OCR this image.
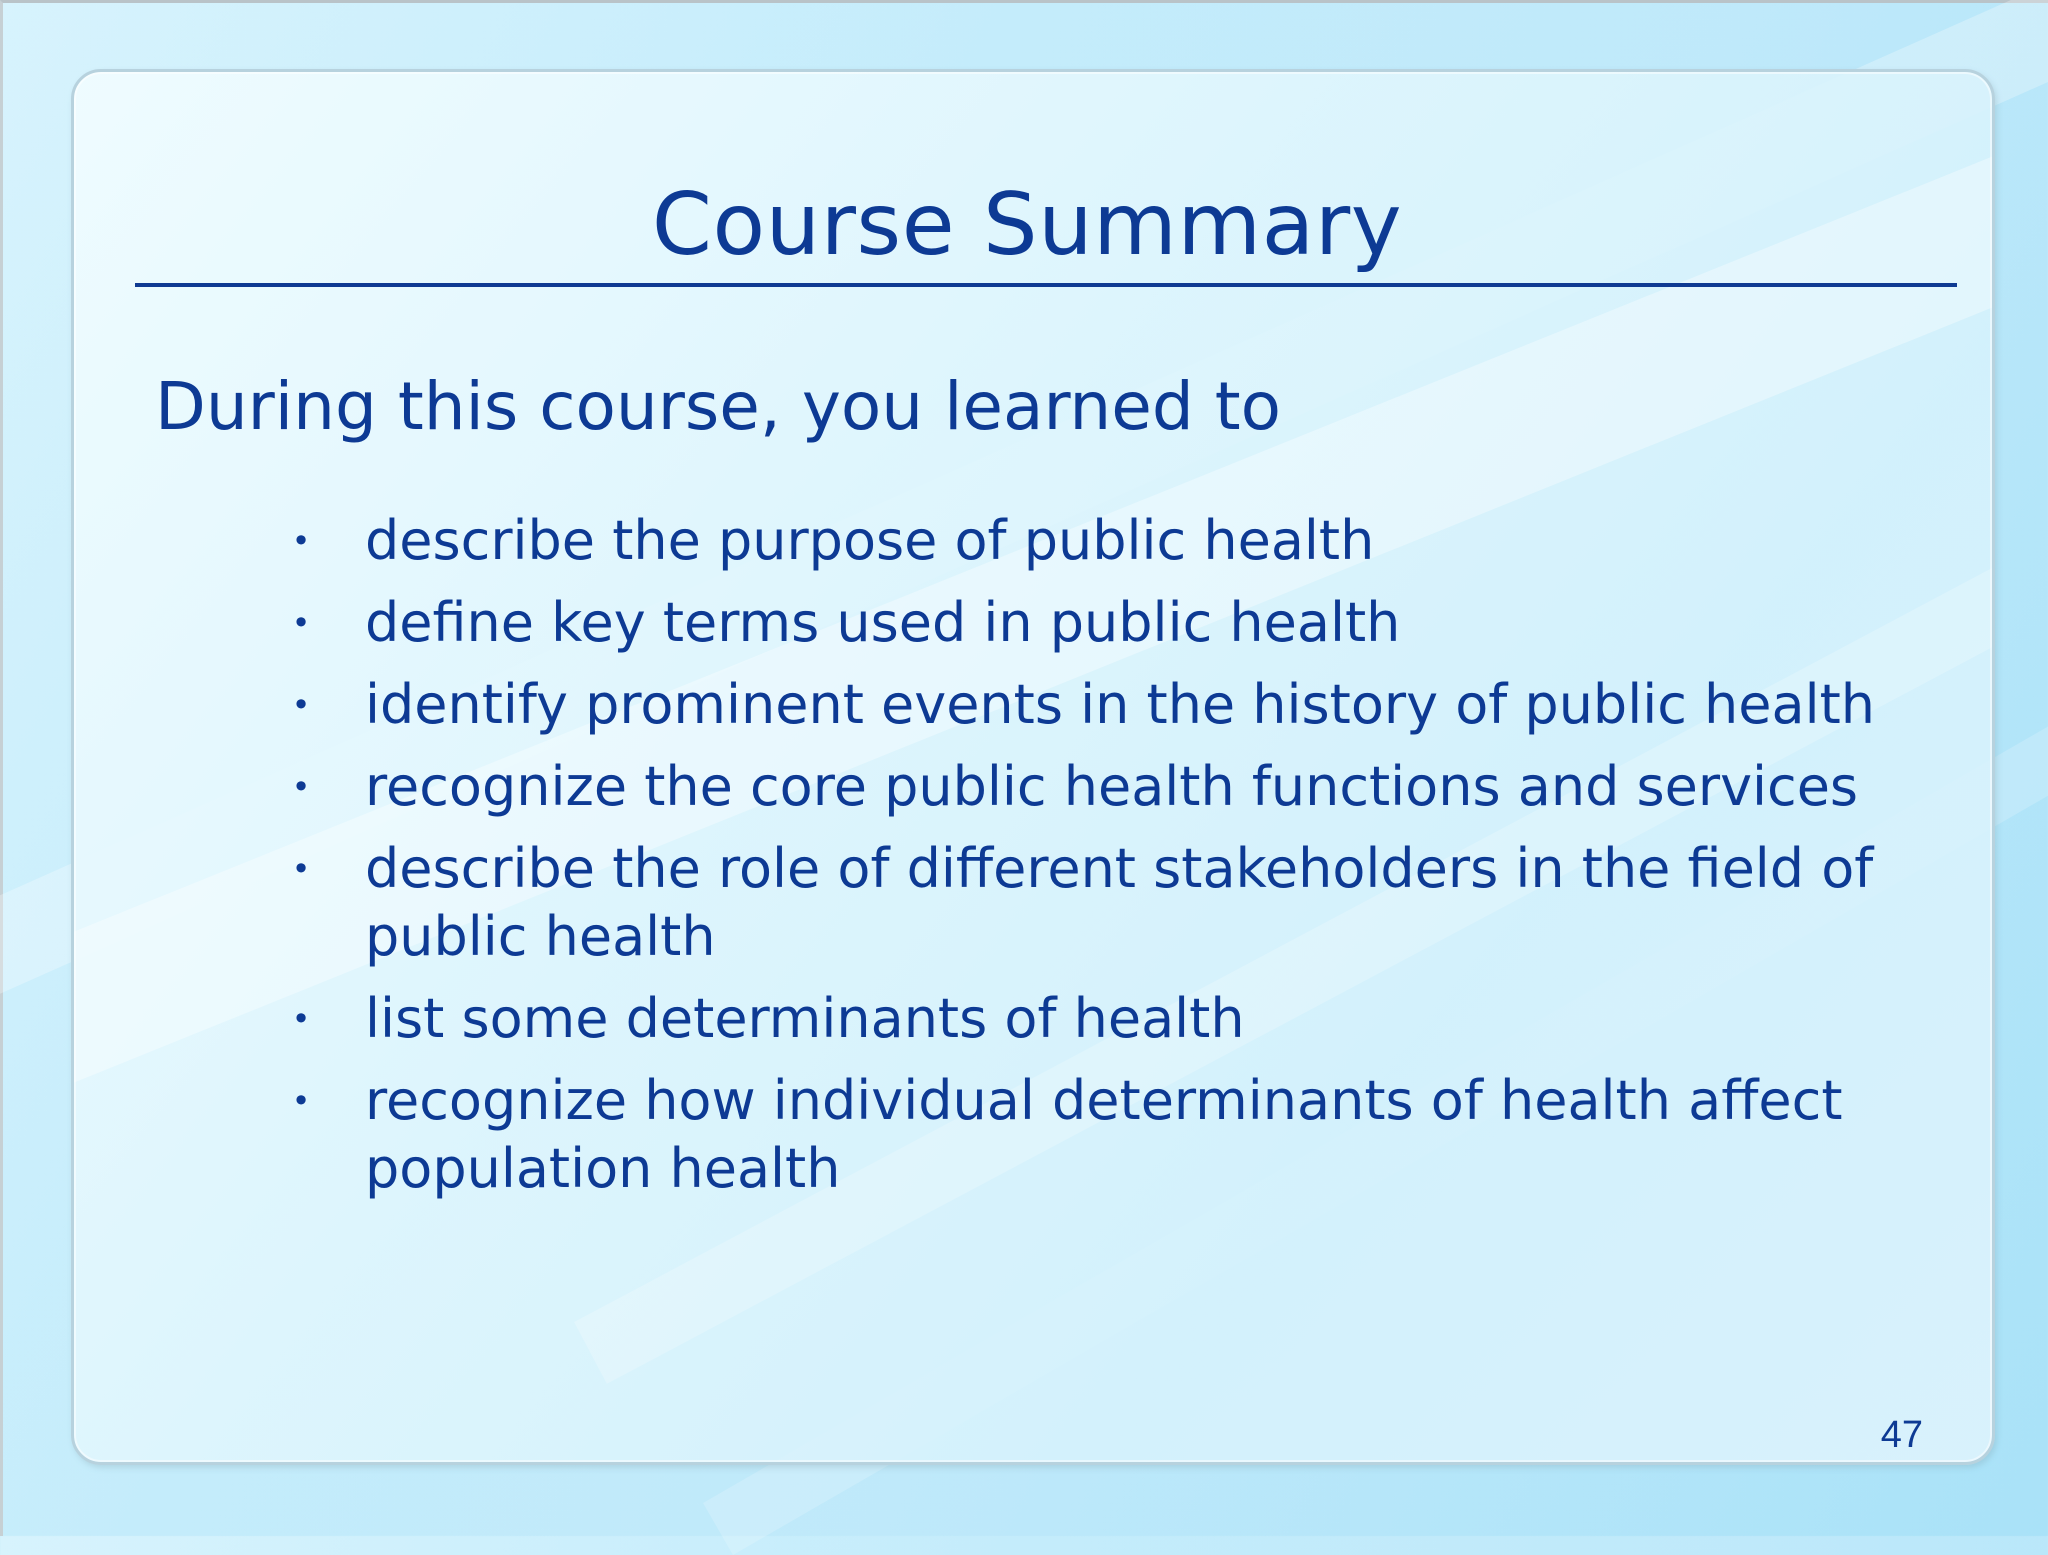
Course Summary
During this course, you learned to
• describe the purpose of public health
• define key terms used in public health
• identify prominent events in the history of public health
• recognize the core public health functions and services
• describe the role of different stakeholders in the field of public health
• list some determinants of health
• recognize how individual determinants of health affect population health
47
